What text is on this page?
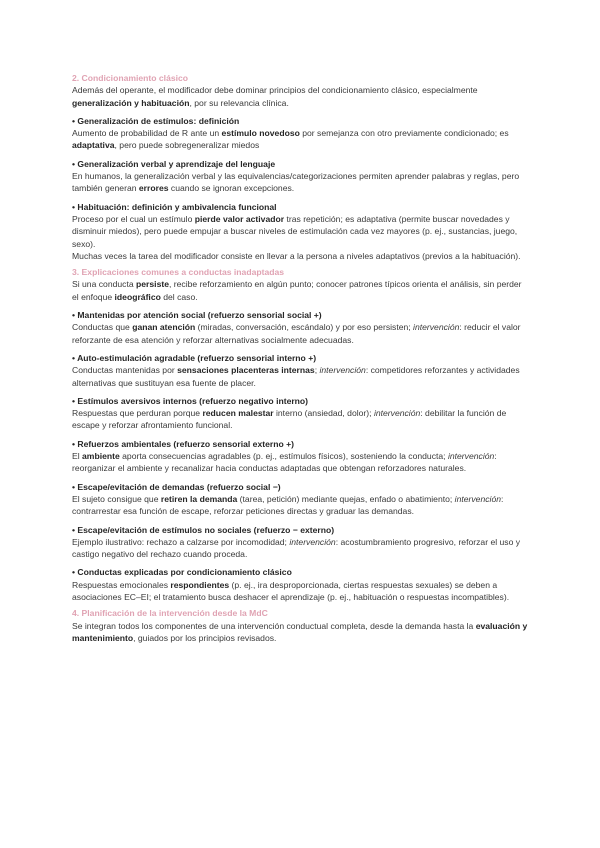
2. Condicionamiento clásico
Además del operante, el modificador debe dominar principios del condicionamiento clásico, especialmente generalización y habituación, por su relevancia clínica.
• Generalización de estímulos: definición
Aumento de probabilidad de R ante un estímulo novedoso por semejanza con otro previamente condicionado; es adaptativa, pero puede sobregeneralizar miedos
• Generalización verbal y aprendizaje del lenguaje
En humanos, la generalización verbal y las equivalencias/categorizaciones permiten aprender palabras y reglas, pero también generan errores cuando se ignoran excepciones.
• Habituación: definición y ambivalencia funcional
Proceso por el cual un estímulo pierde valor activador tras repetición; es adaptativa (permite buscar novedades y disminuir miedos), pero puede empujar a buscar niveles de estimulación cada vez mayores (p. ej., sustancias, juego, sexo).
Muchas veces la tarea del modificador consiste en llevar a la persona a niveles adaptativos (previos a la habituación).
3. Explicaciones comunes a conductas inadaptadas
Si una conducta persiste, recibe reforzamiento en algún punto; conocer patrones típicos orienta el análisis, sin perder el enfoque ideográfico del caso.
• Mantenidas por atención social (refuerzo sensorial social +)
Conductas que ganan atención (miradas, conversación, escándalo) y por eso persisten; intervención: reducir el valor reforzante de esa atención y reforzar alternativas socialmente adecuadas.
• Auto-estimulación agradable (refuerzo sensorial interno +)
Conductas mantenidas por sensaciones placenteras internas; intervención: competidores reforzantes y actividades alternativas que sustituyan esa fuente de placer.
• Estímulos aversivos internos (refuerzo negativo interno)
Respuestas que perduran porque reducen malestar interno (ansiedad, dolor); intervención: debilitar la función de escape y reforzar afrontamiento funcional.
• Refuerzos ambientales (refuerzo sensorial externo +)
El ambiente aporta consecuencias agradables (p. ej., estímulos físicos), sosteniendo la conducta; intervención: reorganizar el ambiente y recanalizar hacia conductas adaptadas que obtengan reforzadores naturales.
• Escape/evitación de demandas (refuerzo social −)
El sujeto consigue que retiren la demanda (tarea, petición) mediante quejas, enfado o abatimiento; intervención: contrarrestar esa función de escape, reforzar peticiones directas y graduar las demandas.
• Escape/evitación de estímulos no sociales (refuerzo − externo)
Ejemplo ilustrativo: rechazo a calzarse por incomodidad; intervención: acostumbramiento progresivo, reforzar el uso y castigo negativo del rechazo cuando proceda.
• Conductas explicadas por condicionamiento clásico
Respuestas emocionales respondientes (p. ej., ira desproporcionada, ciertas respuestas sexuales) se deben a asociaciones EC–EI; el tratamiento busca deshacer el aprendizaje (p. ej., habituación o respuestas incompatibles).
4. Planificación de la intervención desde la MdC
Se integran todos los componentes de una intervención conductual completa, desde la demanda hasta la evaluación y mantenimiento, guiados por los principios revisados.
